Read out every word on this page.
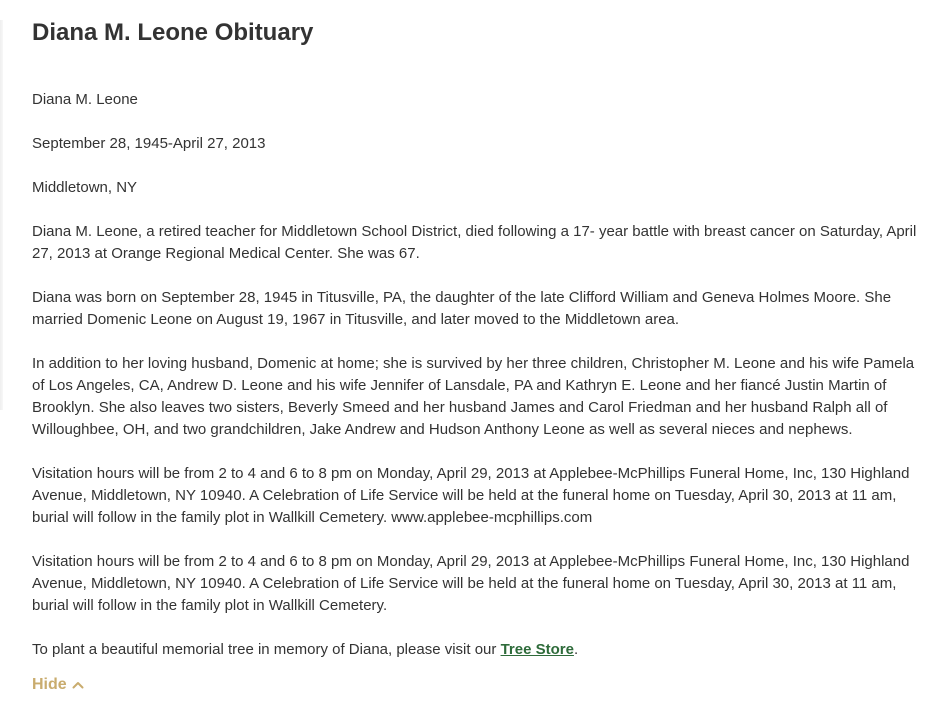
Diana M. Leone Obituary

Diana M. Leone

September 28, 1945-April 27, 2013

Middletown, NY

Diana M. Leone, a retired teacher for Middletown School District, died following a 17- year battle with breast cancer on Saturday, April 27, 2013 at Orange Regional Medical Center. She was 67.

Diana was born on September 28, 1945 in Titusville, PA, the daughter of the late Clifford William and Geneva Holmes Moore. She married Domenic Leone on August 19, 1967 in Titusville, and later moved to the Middletown area.

In addition to her loving husband, Domenic at home; she is survived by her three children, Christopher M. Leone and his wife Pamela of Los Angeles, CA, Andrew D. Leone and his wife Jennifer of Lansdale, PA and Kathryn E. Leone and her fiancé Justin Martin of Brooklyn. She also leaves two sisters, Beverly Smeed and her husband James and Carol Friedman and her husband Ralph all of Willoughbee, OH, and two grandchildren, Jake Andrew and Hudson Anthony Leone as well as several nieces and nephews.

Visitation hours will be from 2 to 4 and 6 to 8 pm on Monday, April 29, 2013 at Applebee-McPhillips Funeral Home, Inc, 130 Highland Avenue, Middletown, NY 10940. A Celebration of Life Service will be held at the funeral home on Tuesday, April 30, 2013 at 11 am, burial will follow in the family plot in Wallkill Cemetery. www.applebee-mcphillips.com

Visitation hours will be from 2 to 4 and 6 to 8 pm on Monday, April 29, 2013 at Applebee-McPhillips Funeral Home, Inc, 130 Highland Avenue, Middletown, NY 10940. A Celebration of Life Service will be held at the funeral home on Tuesday, April 30, 2013 at 11 am, burial will follow in the family plot in Wallkill Cemetery.

To plant a beautiful memorial tree in memory of Diana, please visit our Tree Store.

Hide
